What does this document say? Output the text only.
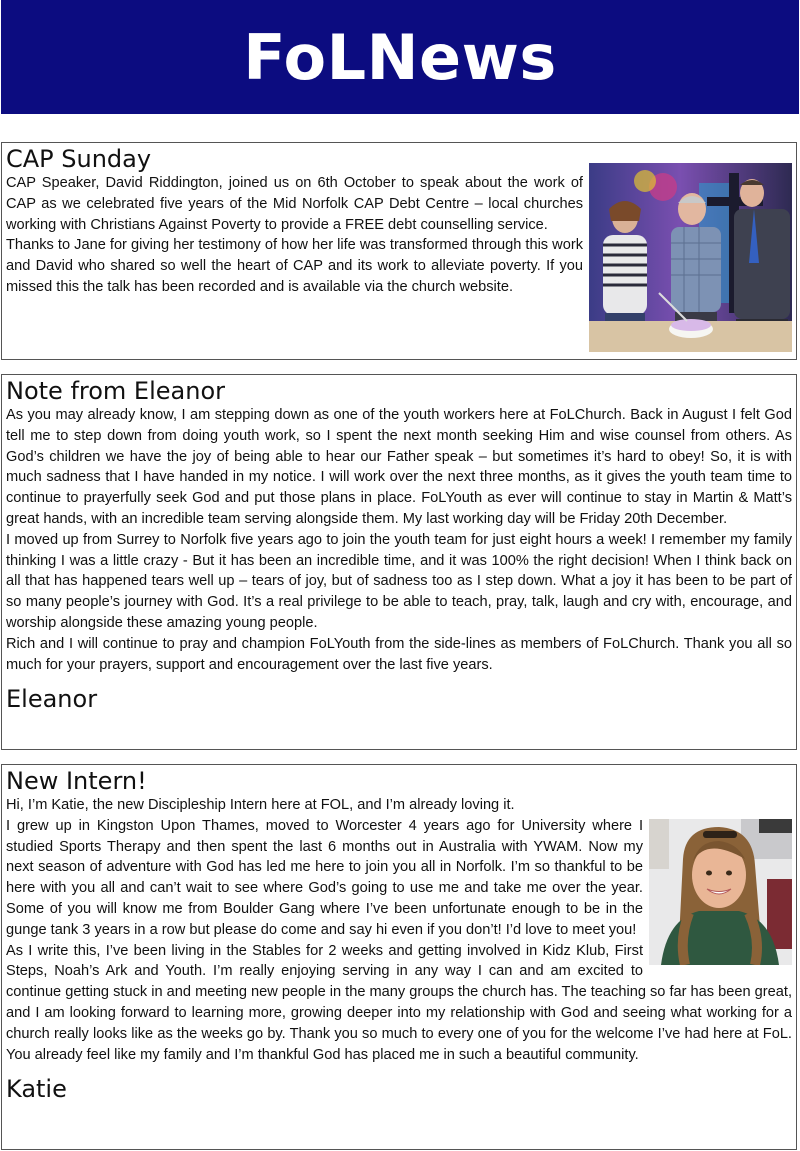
FoLNews
CAP Sunday

CAP Speaker, David Riddington, joined us on 6th October to speak about the work of CAP as we celebrated five years of the Mid Norfolk CAP Debt Centre – local churches working with Christians Against Poverty to provide a FREE debt counselling service.

Thanks to Jane for giving her testimony of how her life was transformed through this work and David who shared so well the heart of CAP and its work to alleviate poverty. If you missed this the talk has been recorded and is available via the church website.

Note from Eleanor

As you may already know, I am stepping down as one of the youth workers here at FoLChurch. Back in August I felt God tell me to step down from doing youth work, so I spent the next month seeking Him and wise counsel from others. As God’s children we have the joy of being able to hear our Father speak – but sometimes it’s hard to obey! So, it is with much sadness that I have handed in my notice. I will work over the next three months, as it gives the youth team time to continue to prayerfully seek God and put those plans in place. FoLYouth as ever will continue to stay in Martin & Matt’s great hands, with an incredible team serving alongside them. My last working day will be Friday 20th December.

I moved up from Surrey to Norfolk five years ago to join the youth team for just eight hours a week! I remember my family thinking I was a little crazy - But it has been an incredible time, and it was 100% the right decision! When I think back on all that has happened tears well up – tears of joy, but of sadness too as I step down. What a joy it has been to be part of so many people’s journey with God. It’s a real privilege to be able to teach, pray, talk, laugh and cry with, encourage, and worship alongside these amazing young people.

Rich and I will continue to pray and champion FoLYouth from the side-lines as members of FoLChurch. Thank you all so much for your prayers, support and encouragement over the last five years.

Eleanor
New Intern!

Hi, I’m Katie, the new Discipleship Intern here at FOL, and I’m already loving it.

I grew up in Kingston Upon Thames, moved to Worcester 4 years ago for University where I studied Sports Therapy and then spent the last 6 months out in Australia with YWAM. Now my next season of adventure with God has led me here to join you all in Norfolk. I’m so thankful to be here with you all and can’t wait to see where God’s going to use me and take me over the year. Some of you will know me from Boulder Gang where I’ve been unfortunate enough to be in the gunge tank 3 years in a row but please do come and say hi even if you don’t! I’d love to meet you!

As I write this, I’ve been living in the Stables for 2 weeks and getting involved in Kidz Klub, First Steps, Noah’s Ark and Youth. I’m really enjoying serving in any way I can and am excited to continue getting stuck in and meeting new people in the many groups the church has. The teaching so far has been great, and I am looking forward to learning more, growing deeper into my relationship with God and seeing what working for a church really looks like as the weeks go by. Thank you so much to every one of you for the welcome I’ve had here at FoL. You already feel like my family and I’m thankful God has placed me in such a beautiful community.

Katie
